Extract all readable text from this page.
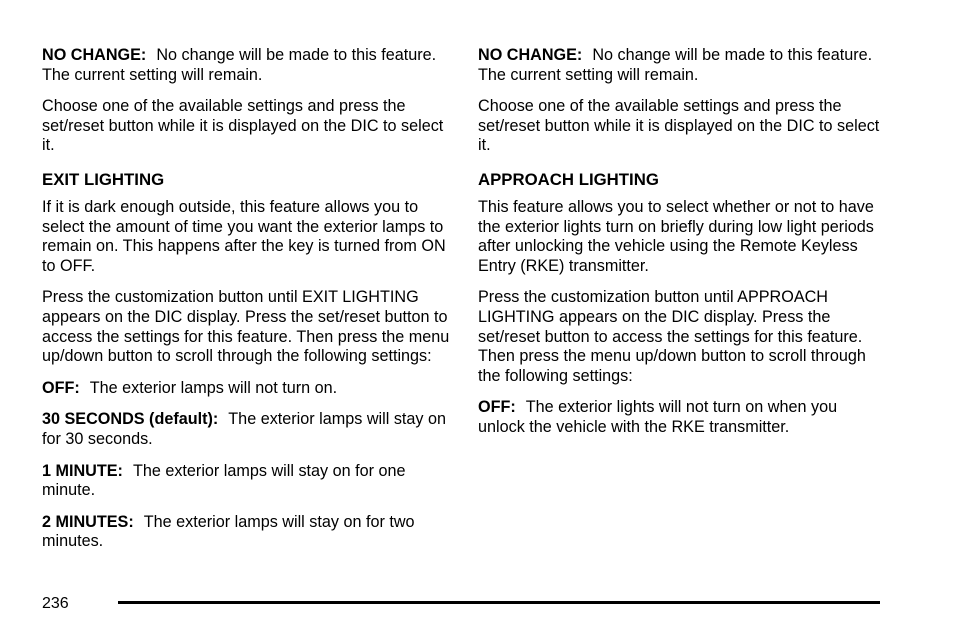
NO CHANGE: No change will be made to this feature. The current setting will remain.

Choose one of the available settings and press the set/reset button while it is displayed on the DIC to select it.

EXIT LIGHTING

If it is dark enough outside, this feature allows you to select the amount of time you want the exterior lamps to remain on. This happens after the key is turned from ON to OFF.

Press the customization button until EXIT LIGHTING appears on the DIC display. Press the set/reset button to access the settings for this feature. Then press the menu up/down button to scroll through the following settings:

OFF: The exterior lamps will not turn on.

30 SECONDS (default): The exterior lamps will stay on for 30 seconds.

1 MINUTE: The exterior lamps will stay on for one minute.

2 MINUTES: The exterior lamps will stay on for two minutes.

NO CHANGE: No change will be made to this feature. The current setting will remain.

Choose one of the available settings and press the set/reset button while it is displayed on the DIC to select it.

APPROACH LIGHTING

This feature allows you to select whether or not to have the exterior lights turn on briefly during low light periods after unlocking the vehicle using the Remote Keyless Entry (RKE) transmitter.

Press the customization button until APPROACH LIGHTING appears on the DIC display. Press the set/reset button to access the settings for this feature. Then press the menu up/down button to scroll through the following settings:

OFF: The exterior lights will not turn on when you unlock the vehicle with the RKE transmitter.

236
